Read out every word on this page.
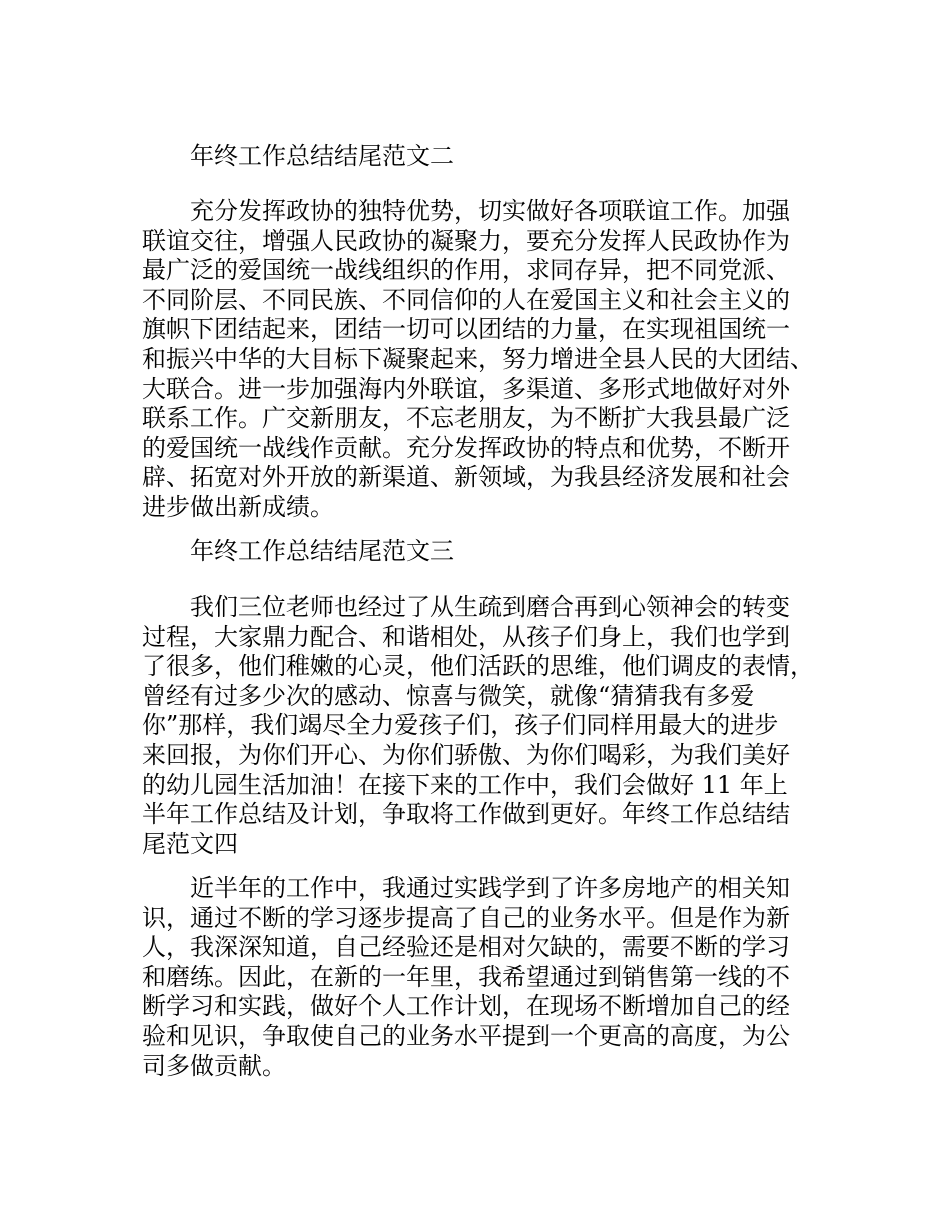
年终工作总结结尾范文二
充分发挥政协的独特优势，切实做好各项联谊工作。加强
联谊交往，增强人民政协的凝聚力，要充分发挥人民政协作为
最广泛的爱国统一战线组织的作用，求同存异，把不同党派、
不同阶层、不同民族、不同信仰的人在爱国主义和社会主义的
旗帜下团结起来，团结一切可以团结的力量，在实现祖国统一
和振兴中华的大目标下凝聚起来，努力增进全县人民的大团结、
大联合。进一步加强海内外联谊，多渠道、多形式地做好对外
联系工作。广交新朋友，不忘老朋友，为不断扩大我县最广泛
的爱国统一战线作贡献。充分发挥政协的特点和优势，不断开
辟、拓宽对外开放的新渠道、新领域，为我县经济发展和社会
进步做出新成绩。
年终工作总结结尾范文三
我们三位老师也经过了从生疏到磨合再到心领神会的转变
过程，大家鼎力配合、和谐相处，从孩子们身上，我们也学到
了很多，他们稚嫩的心灵，他们活跃的思维，他们调皮的表情，
曾经有过多少次的感动、惊喜与微笑，就像“猜猜我有多爱
你”那样，我们竭尽全力爱孩子们，孩子们同样用最大的进步
来回报，为你们开心、为你们骄傲、为你们喝彩，为我们美好
的幼儿园生活加油！在接下来的工作中，我们会做好 11 年上
半年工作总结及计划，争取将工作做到更好。年终工作总结结
尾范文四
近半年的工作中，我通过实践学到了许多房地产的相关知
识，通过不断的学习逐步提高了自己的业务水平。但是作为新
人，我深深知道，自己经验还是相对欠缺的，需要不断的学习
和磨练。因此，在新的一年里，我希望通过到销售第一线的不
断学习和实践，做好个人工作计划，在现场不断增加自己的经
验和见识，争取使自己的业务水平提到一个更高的高度，为公
司多做贡献。
